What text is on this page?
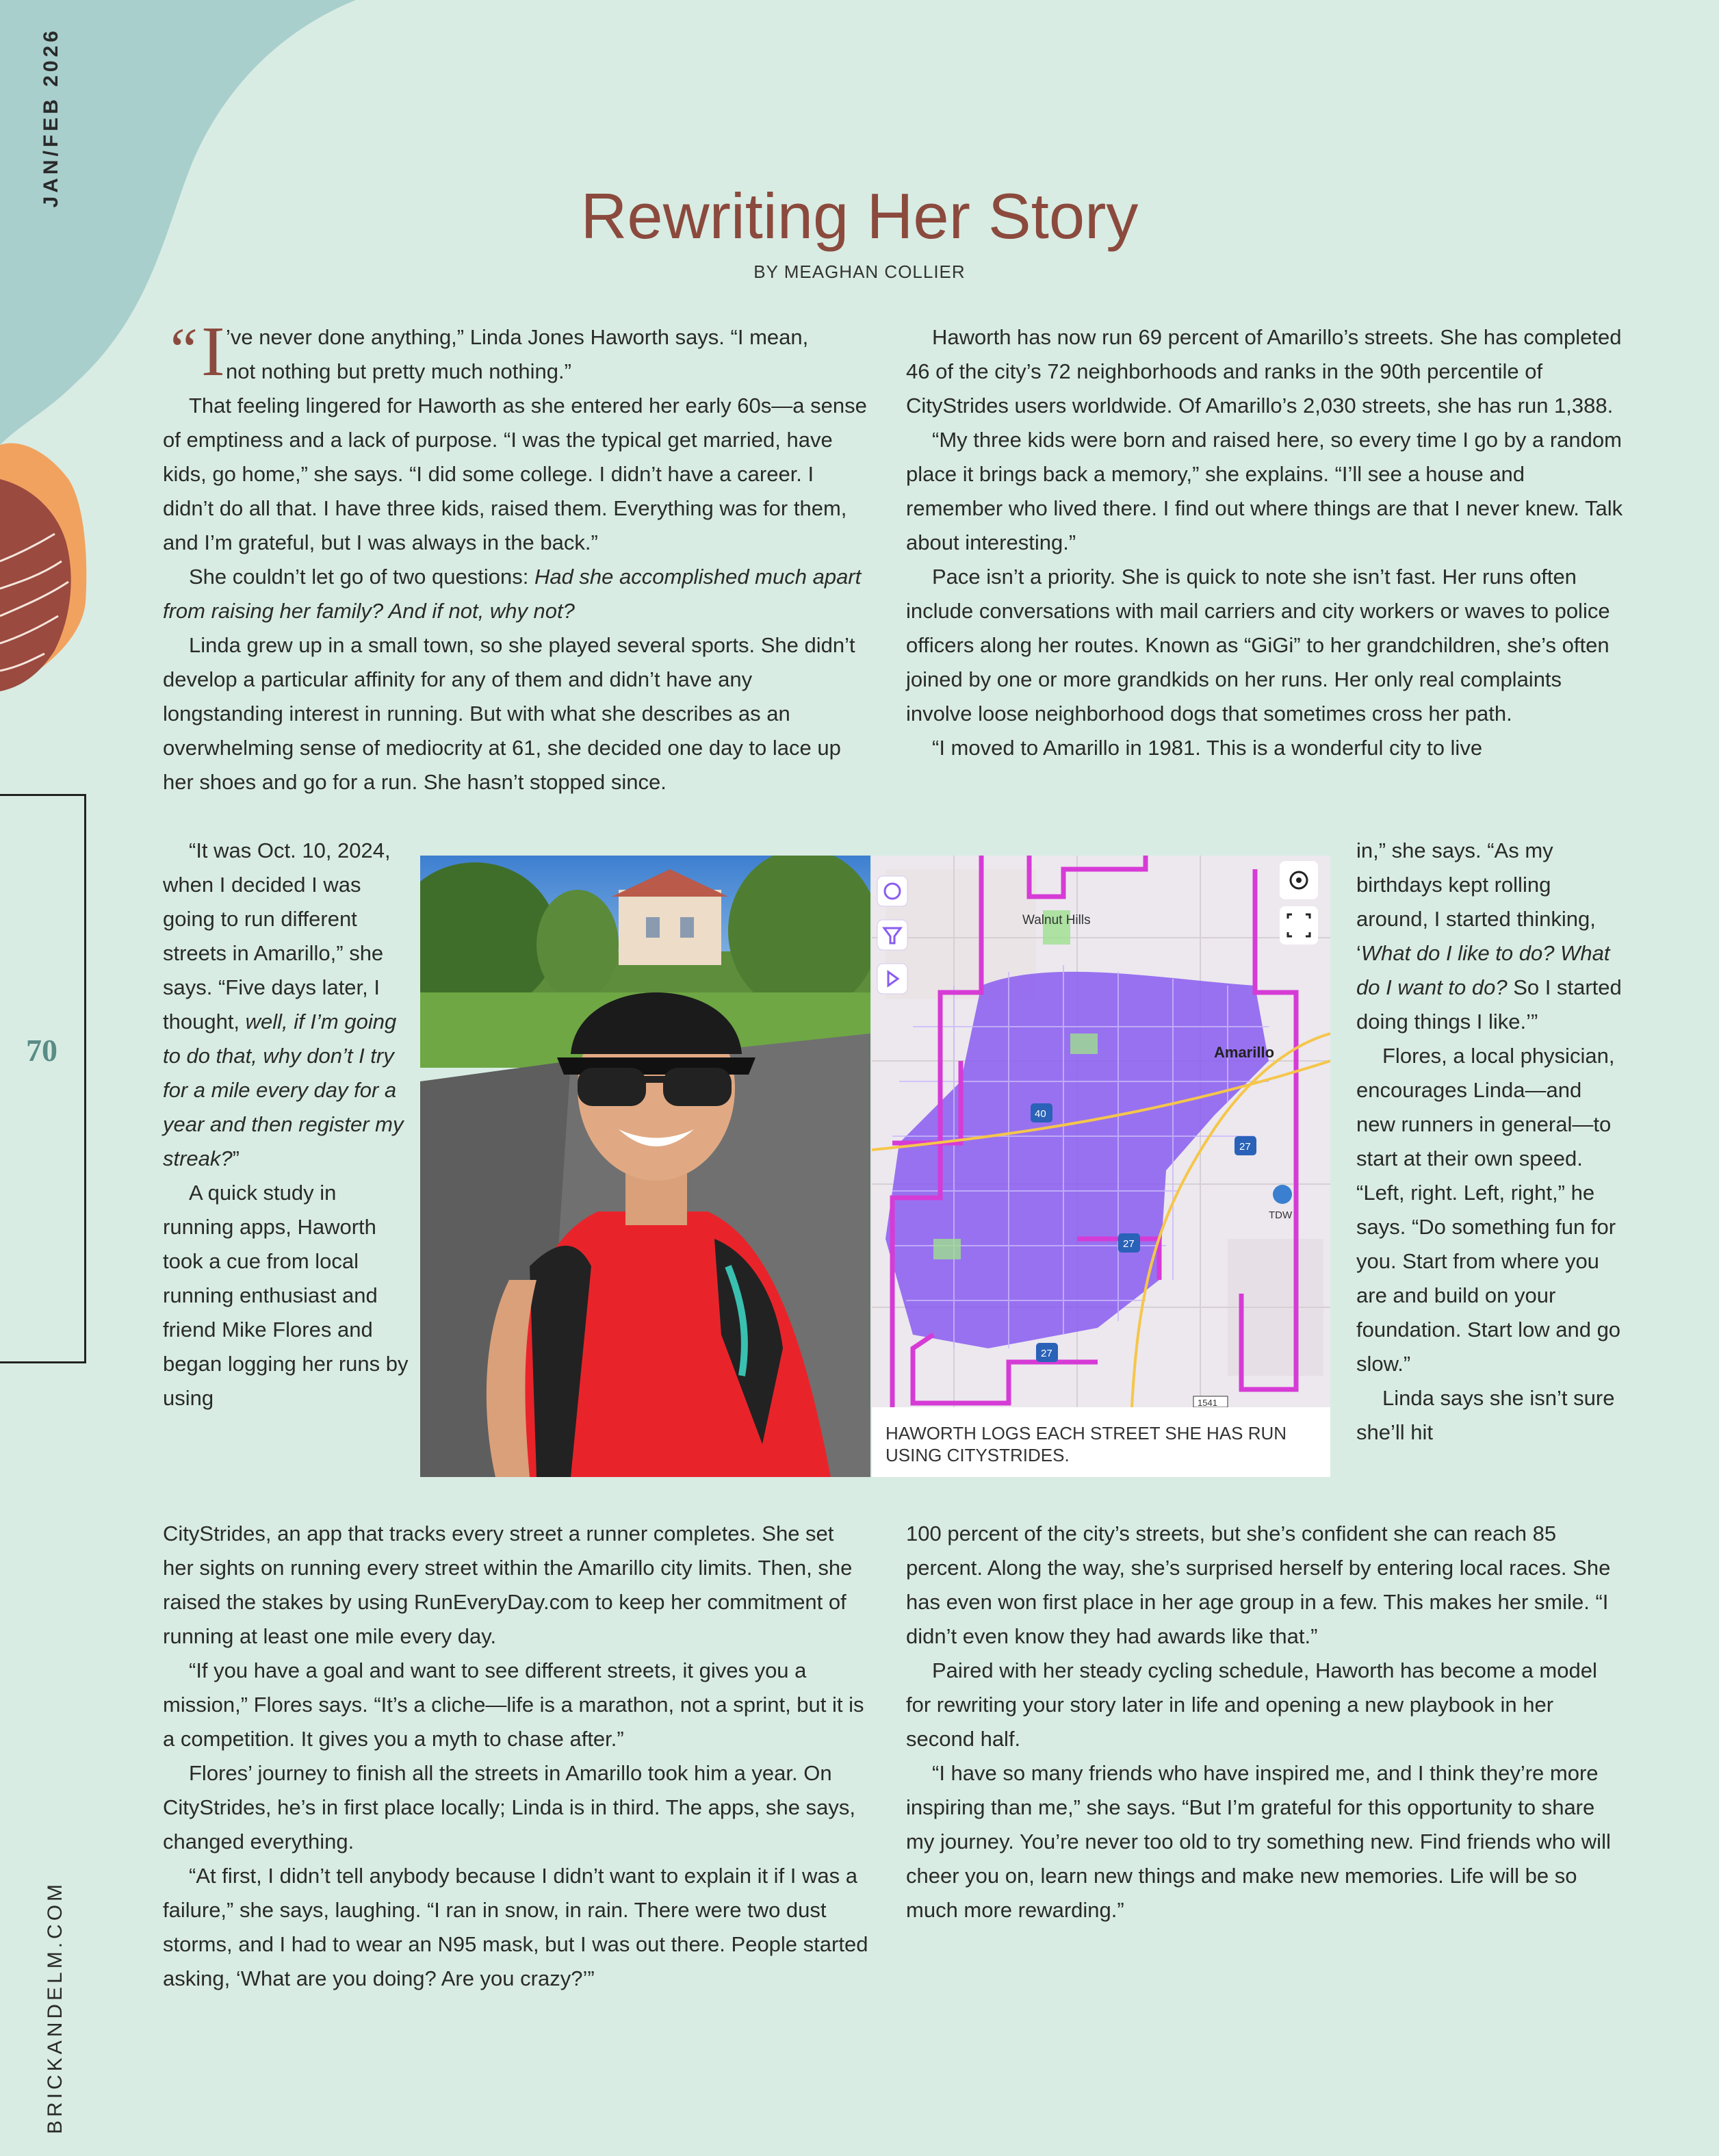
Rewriting Her Story
BY MEAGHAN COLLIER
JAN/FEB 2026
BRICKANDELM.COM
70
“ I ’ve never done anything,” Linda Jones Haworth says. “I mean,
not nothing but pretty much nothing.”

That feeling lingered for Haworth as she entered her early 60s—a sense of emptiness and a lack of purpose. “I was the typical get married, have kids, go home,” she says. “I did some college. I didn’t have a career. I didn’t do all that. I have three kids, raised them. Everything was for them, and I’m grateful, but I was always in the back.”

She couldn’t let go of two questions: Had she accomplished much apart from raising her family? And if not, why not?

Linda grew up in a small town, so she played several sports. She didn’t develop a particular affinity for any of them and didn’t have any longstanding interest in running. But with what she describes as an overwhelming sense of mediocrity at 61, she decided one day to lace up her shoes and go for a run. She hasn’t stopped since.

“It was Oct. 10, 2024, when I decided I was going to run different streets in Amarillo,” she says. “Five days later, I thought, well, if I’m going to do that, why don’t I try for a mile every day for a year and then register my streak?”

A quick study in running apps, Haworth took a cue from local running enthusiast and friend Mike Flores and began logging her runs by using

CityStrides, an app that tracks every street a runner completes. She set her sights on running every street within the Amarillo city limits. Then, she raised the stakes by using RunEveryDay.com to keep her commitment of running at least one mile every day.

“If you have a goal and want to see different streets, it gives you a mission,” Flores says. “It’s a cliche—life is a marathon, not a sprint, but it is a competition. It gives you a myth to chase after.”

Flores’ journey to finish all the streets in Amarillo took him a year. On CityStrides, he’s in first place locally; Linda is in third. The apps, she says, changed everything.

“At first, I didn’t tell anybody because I didn’t want to explain it if I was a failure,” she says, laughing. “I ran in snow, in rain. There were two dust storms, and I had to wear an N95 mask, but I was out there. People started asking, ‘What are you doing? Are you crazy?’”

Haworth has now run 69 percent of Amarillo’s streets. She has completed 46 of the city’s 72 neighborhoods and ranks in the 90th percentile of CityStrides users worldwide. Of Amarillo’s 2,030 streets, she has run 1,388.

“My three kids were born and raised here, so every time I go by a random place it brings back a memory,” she explains. “I’ll see a house and remember who lived there. I find out where things are that I never knew. Talk about interesting.”

Pace isn’t a priority. She is quick to note she isn’t fast. Her runs often include conversations with mail carriers and city workers or waves to police officers along her routes. Known as “GiGi” to her grandchildren, she’s often joined by one or more grandkids on her runs. Her only real complaints involve loose neighborhood dogs that sometimes cross her path.

“I moved to Amarillo in 1981. This is a wonderful city to live

in,” she says. “As my birthdays kept rolling around, I started thinking, ‘What do I like to do? What do I want to do? So I started doing things I like.’”

Flores, a local physician, encourages Linda—and new runners in general—to start at their own speed. “Left, right. Left, right,” he says. “Do something fun for you. Start from where you are and build on your foundation. Start low and go slow.”

Linda says she isn’t sure she’ll hit

100 percent of the city’s streets, but she’s confident she can reach 85 percent. Along the way, she’s surprised herself by entering local races. She has even won first place in her age group in a few. This makes her smile. “I didn’t even know they had awards like that.”

Paired with her steady cycling schedule, Haworth has become a model for rewriting your story later in life and opening a new playbook in her second half.

“I have so many friends who have inspired me, and I think they’re more inspiring than me,” she says. “But I’m grateful for this opportunity to share my journey. You’re never too old to try something new. Find friends who will cheer you on, learn new things and make new memories. Life will be so much more rewarding.”

Walnut Hills
Amarillo
40
27
27
27
TDW
1541
HAWORTH LOGS EACH STREET SHE HAS RUN USING CITYSTRIDES.
